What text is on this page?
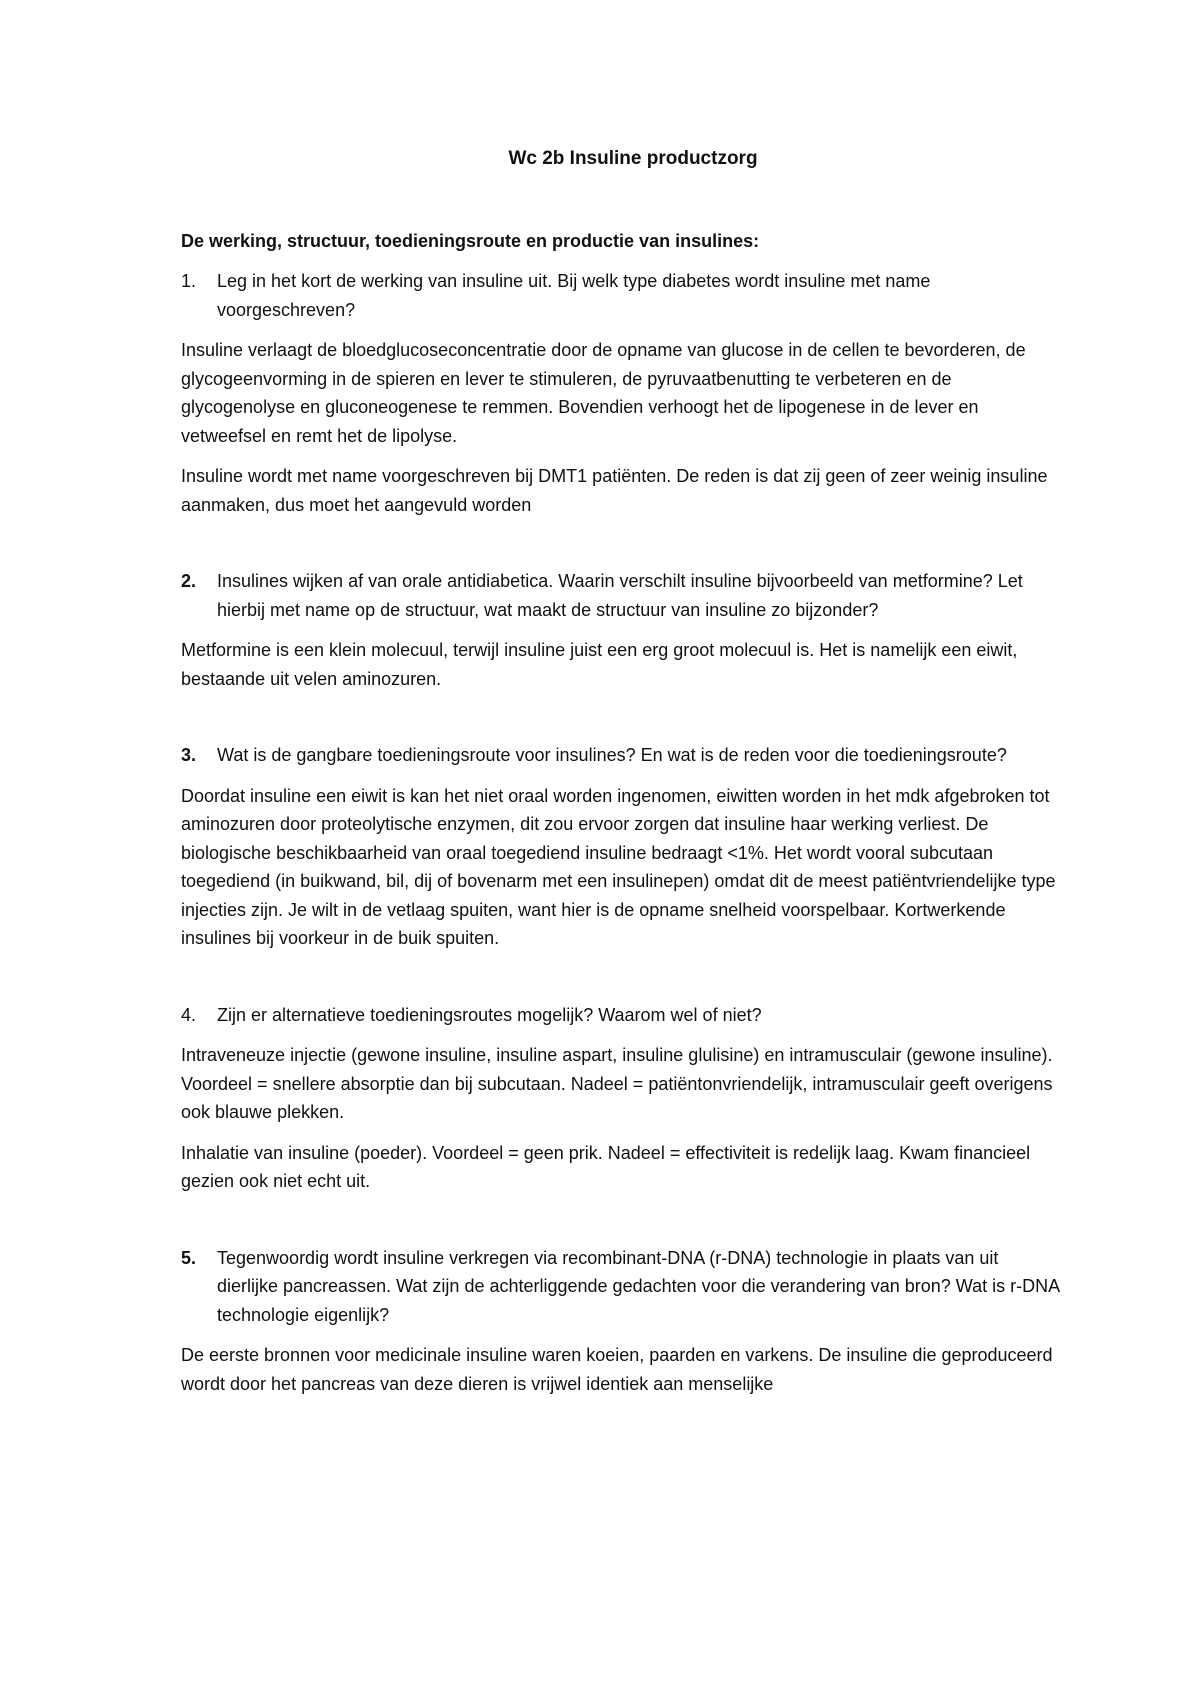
Wc 2b Insuline productzorg
De werking, structuur, toedieningsroute en productie van insulines:
1.	Leg in het kort de werking van insuline uit. Bij welk type diabetes wordt insuline met name voorgeschreven?

Insuline verlaagt de bloedglucoseconcentratie door de opname van glucose in de cellen te bevorderen, de glycogeenvorming in de spieren en lever te stimuleren, de pyruvaatbenutting te verbeteren en de glycogenolyse en gluconeogenese te remmen. Bovendien verhoogt het de lipogenese in de lever en vetweefsel en remt het de lipolyse.

Insuline wordt met name voorgeschreven bij DMT1 patiënten. De reden is dat zij geen of zeer weinig insuline aanmaken, dus moet het aangevuld worden

2.	Insulines wijken af van orale antidiabetica. Waarin verschilt insuline bijvoorbeeld van metformine? Let hierbij met name op de structuur, wat maakt de structuur van insuline zo bijzonder?

Metformine is een klein molecuul, terwijl insuline juist een erg groot molecuul is. Het is namelijk een eiwit, bestaande uit velen aminozuren.

3.	Wat is de gangbare toedieningsroute voor insulines? En wat is de reden voor die toedieningsroute?

Doordat insuline een eiwit is kan het niet oraal worden ingenomen, eiwitten worden in het mdk afgebroken tot aminozuren door proteolytische enzymen, dit zou ervoor zorgen dat insuline haar werking verliest. De biologische beschikbaarheid van oraal toegediend insuline bedraagt <1%. Het wordt vooral subcutaan toegediend (in buikwand, bil, dij of bovenarm met een insulinepen) omdat dit de meest patiëntvriendelijke type injecties zijn. Je wilt in de vetlaag spuiten, want hier is de opname snelheid voorspelbaar. Kortwerkende insulines bij voorkeur in de buik spuiten.

4.	Zijn er alternatieve toedieningsroutes mogelijk? Waarom wel of niet?

Intraveneuze injectie (gewone insuline, insuline aspart, insuline glulisine) en intramusculair (gewone insuline). Voordeel = snellere absorptie dan bij subcutaan. Nadeel = patiëntonvriendelijk, intramusculair geeft overigens ook blauwe plekken.

Inhalatie van insuline (poeder). Voordeel = geen prik. Nadeel = effectiviteit is redelijk laag. Kwam financieel gezien ook niet echt uit.

5.	Tegenwoordig wordt insuline verkregen via recombinant-DNA (r-DNA) technologie in plaats van uit dierlijke pancreassen. Wat zijn de achterliggende gedachten voor die verandering van bron? Wat is r-DNA technologie eigenlijk?

De eerste bronnen voor medicinale insuline waren koeien, paarden en varkens. De insuline die geproduceerd wordt door het pancreas van deze dieren is vrijwel identiek aan menselijke
